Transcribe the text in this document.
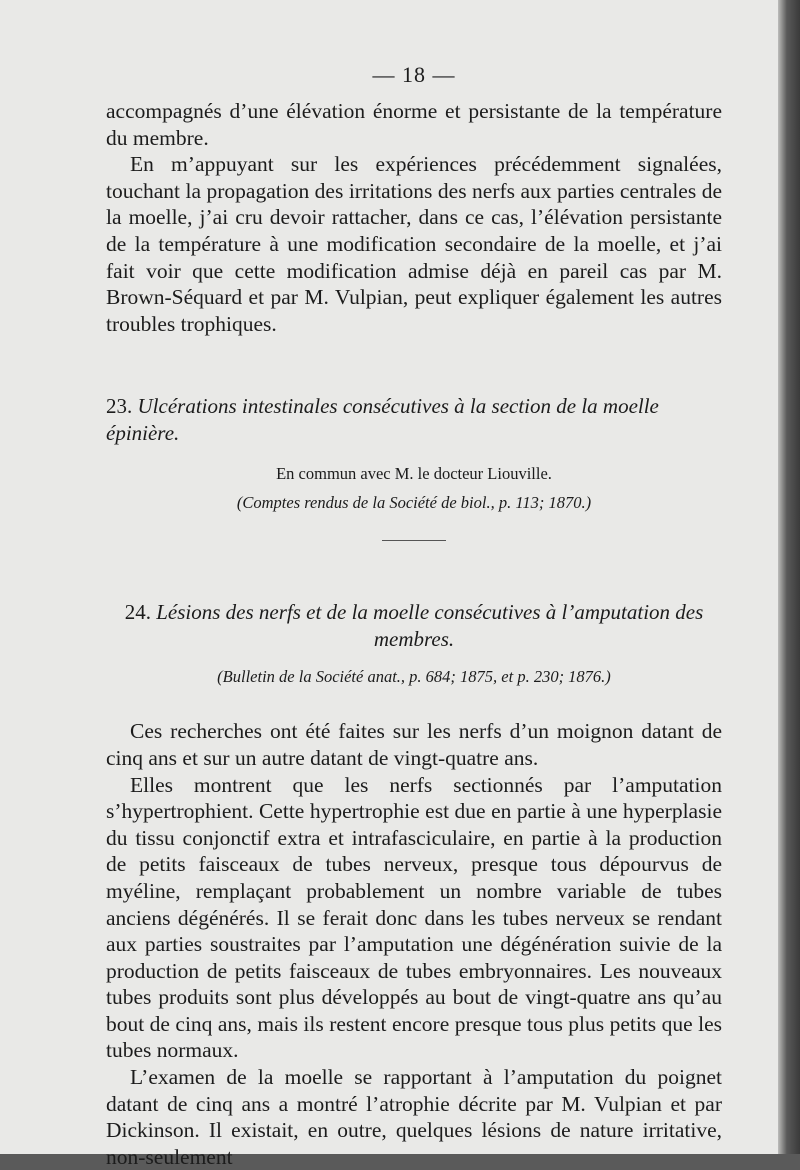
— 18 —

accompagnés d’une élévation énorme et persistante de la température du membre.

En m’appuyant sur les expériences précédemment signalées, touchant la propagation des irritations des nerfs aux parties centrales de la moelle, j’ai cru devoir rattacher, dans ce cas, l’élévation persistante de la température à une modification secondaire de la moelle, et j’ai fait voir que cette modification admise déjà en pareil cas par M. Brown-Séquard et par M. Vulpian, peut expliquer également les autres troubles trophiques.

23. Ulcérations intestinales consécutives à la section de la moelle épinière.
En commun avec M. le docteur Liouville.
(Comptes rendus de la Société de biol., p. 113; 1870.)
24. Lésions des nerfs et de la moelle consécutives à l’amputation des membres.
(Bulletin de la Société anat., p. 684; 1875, et p. 230; 1876.)

Ces recherches ont été faites sur les nerfs d’un moignon datant de cinq ans et sur un autre datant de vingt-quatre ans.

Elles montrent que les nerfs sectionnés par l’amputation s’hypertrophient. Cette hypertrophie est due en partie à une hyperplasie du tissu conjonctif extra et intrafasciculaire, en partie à la production de petits faisceaux de tubes nerveux, presque tous dépourvus de myéline, remplaçant probablement un nombre variable de tubes anciens dégénérés. Il se ferait donc dans les tubes nerveux se rendant aux parties soustraites par l’amputation une dégénération suivie de la production de petits faisceaux de tubes embryonnaires. Les nouveaux tubes produits sont plus développés au bout de vingt-quatre ans qu’au bout de cinq ans, mais ils restent encore presque tous plus petits que les tubes normaux.

L’examen de la moelle se rapportant à l’amputation du poignet datant de cinq ans a montré l’atrophie décrite par M. Vulpian et par Dickinson. Il existait, en outre, quelques lésions de nature irritative, non-seulement
